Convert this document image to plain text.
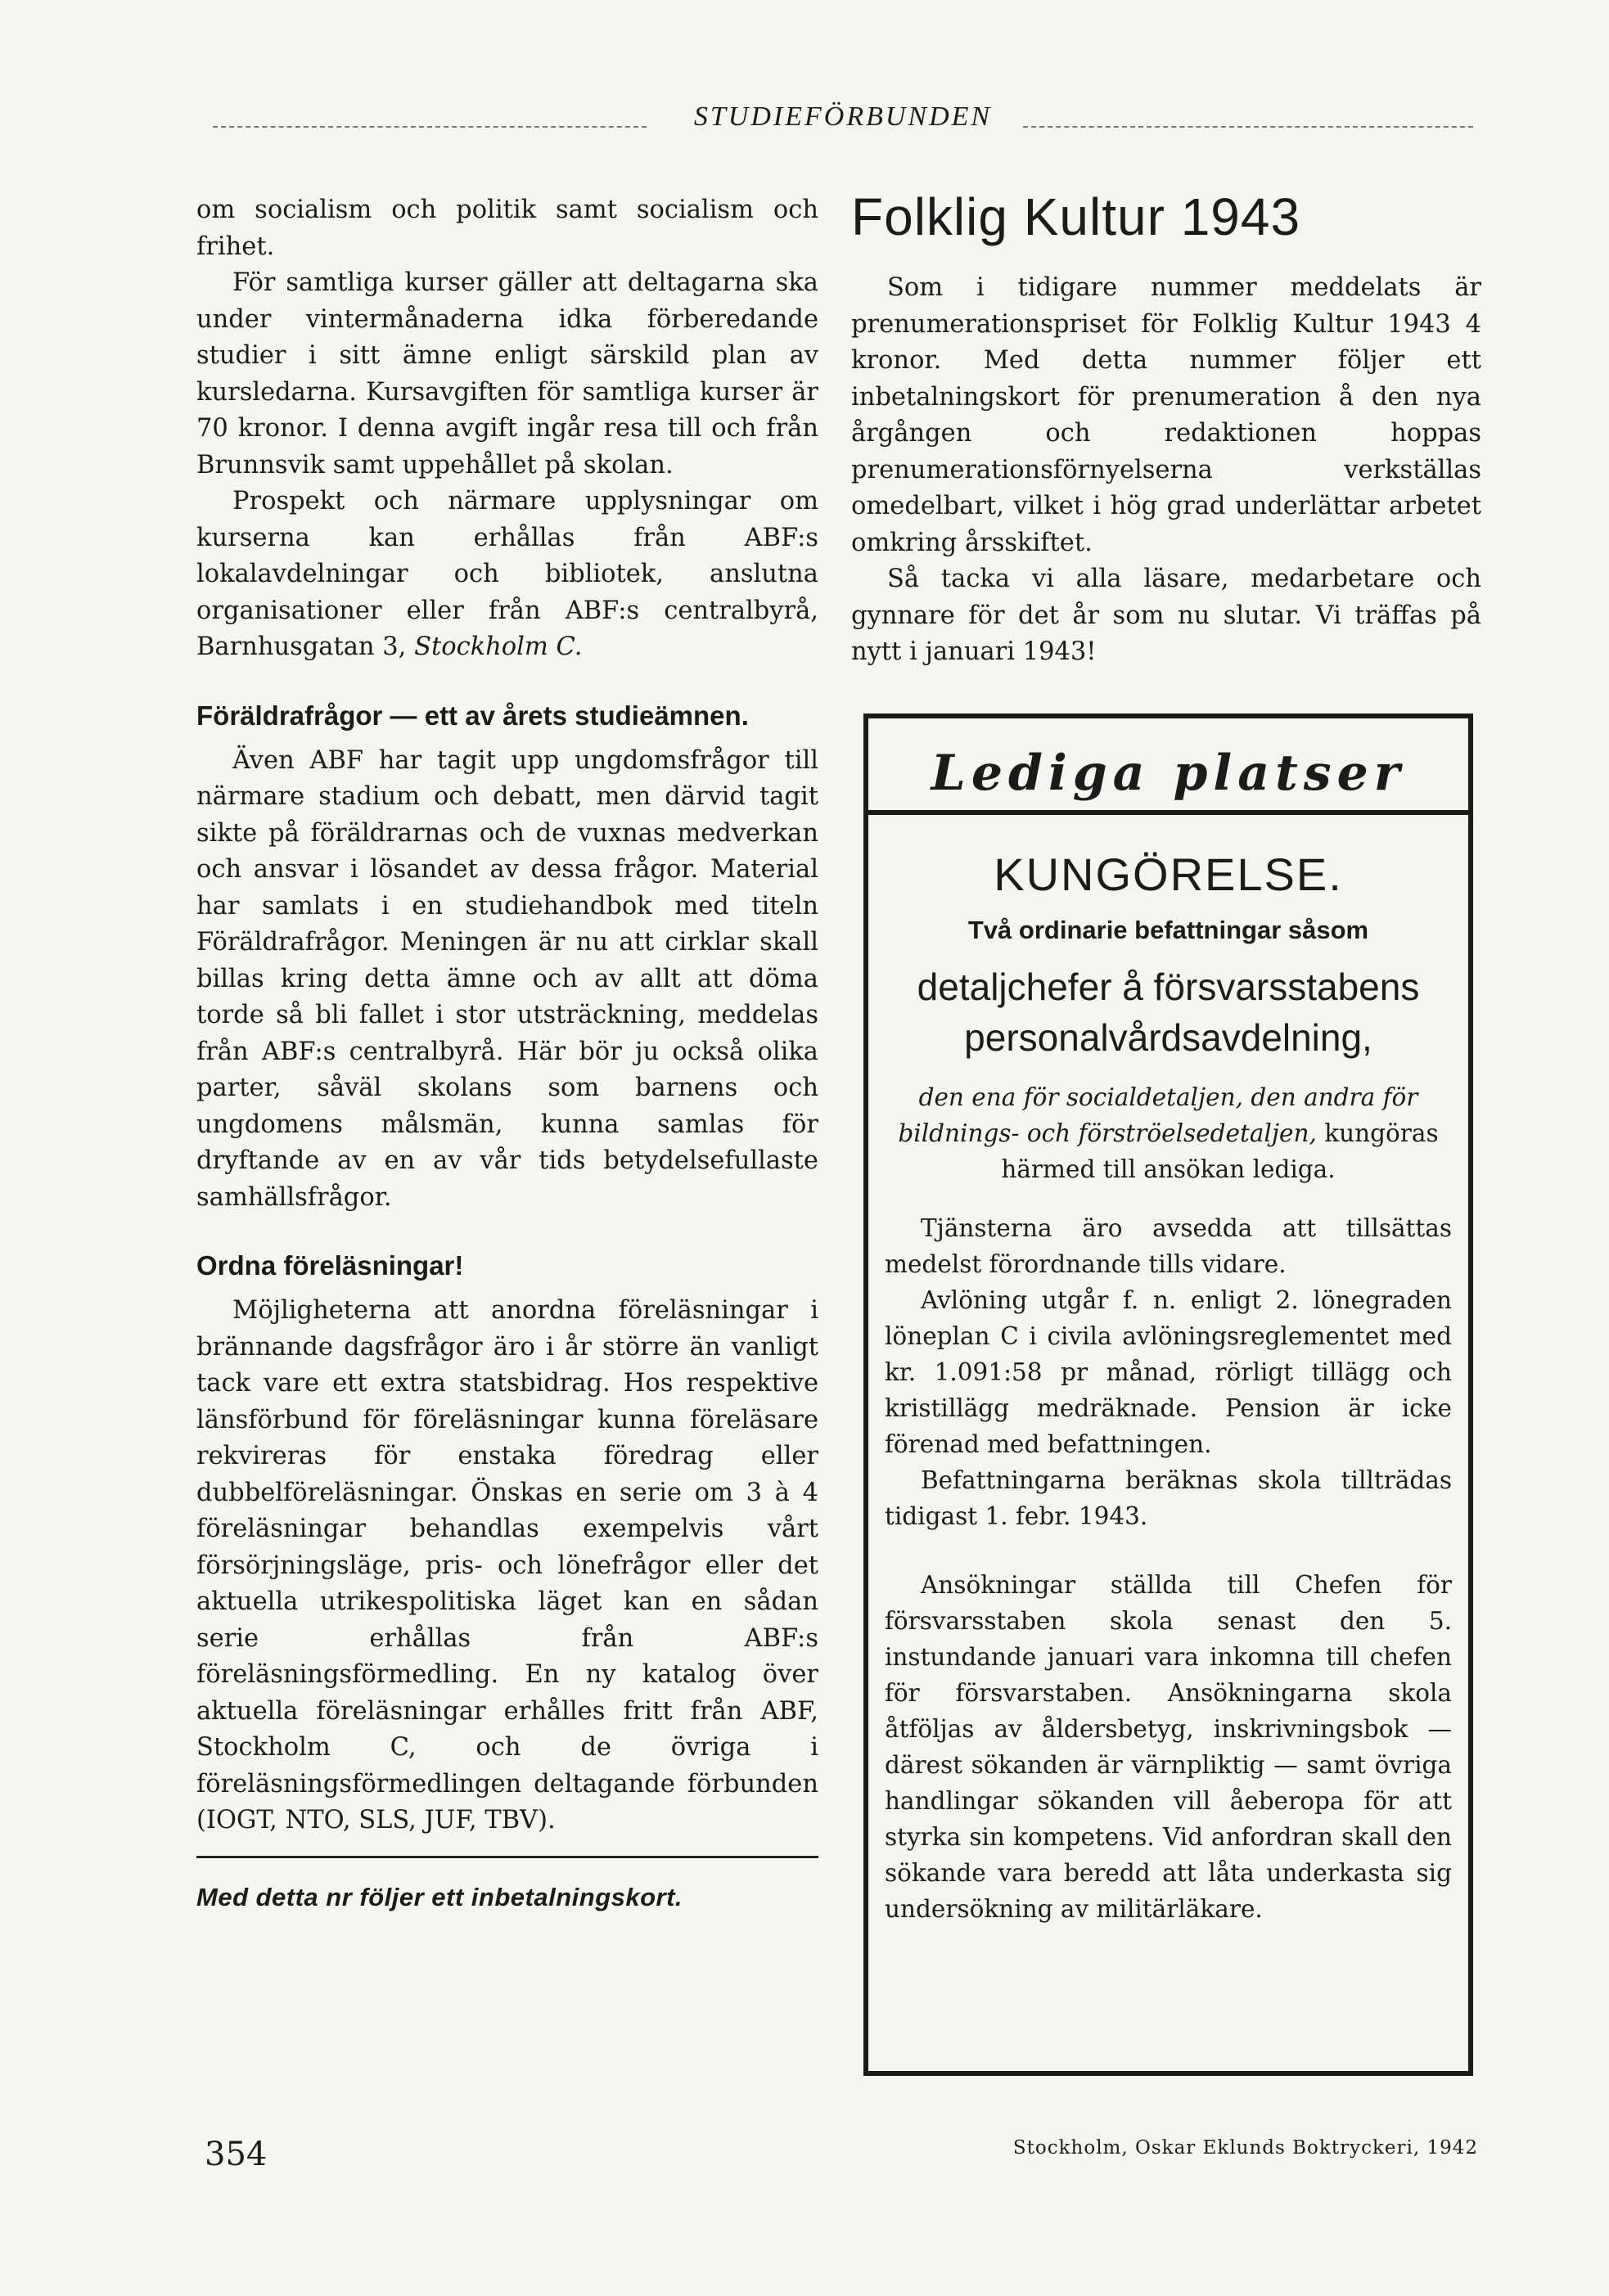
STUDIEFÖRBUNDEN

om socialism och politik samt socialism och frihet.

För samtliga kurser gäller att deltagarna ska under vintermånaderna idka förberedande studier i sitt ämne enligt särskild plan av kursledarna. Kursavgiften för samtliga kurser är 70 kronor. I denna avgift ingår resa till och från Brunnsvik samt uppehållet på skolan.

Prospekt och närmare upplysningar om kurserna kan erhållas från ABF:s lokalavdelningar och bibliotek, anslutna organisationer eller från ABF:s centralbyrå, Barnhusgatan 3, Stockholm C.

Föräldrafrågor — ett av årets studieämnen.

Även ABF har tagit upp ungdomsfrågor till närmare stadium och debatt, men därvid tagit sikte på föräldrarnas och de vuxnas medverkan och ansvar i lösandet av dessa frågor. Material har samlats i en studiehandbok med titeln Föräldrafrågor. Meningen är nu att cirklar skall billas kring detta ämne och av allt att döma torde så bli fallet i stor utsträckning, meddelas från ABF:s centralbyrå. Här bör ju också olika parter, såväl skolans som barnens och ungdomens målsmän, kunna samlas för dryftande av en av vår tids betydelsefullaste samhällsfrågor.

Ordna föreläsningar!

Möjligheterna att anordna föreläsningar i brännande dagsfrågor äro i år större än vanligt tack vare ett extra statsbidrag. Hos respektive länsförbund för föreläsningar kunna föreläsare rekvireras för enstaka föredrag eller dubbelföreläsningar. Önskas en serie om 3 à 4 föreläsningar behandlas exempelvis vårt försörjningsläge, pris- och lönefrågor eller det aktuella utrikespolitiska läget kan en sådan serie erhållas från ABF:s föreläsningsförmedling. En ny katalog över aktuella föreläsningar erhålles fritt från ABF, Stockholm C, och de övriga i föreläsningsförmedlingen deltagande förbunden (IOGT, NTO, SLS, JUF, TBV).

Med detta nr följer ett inbetalningskort.
Folklig Kultur 1943

Som i tidigare nummer meddelats är prenumerationspriset för Folklig Kultur 1943 4 kronor. Med detta nummer följer ett inbetalningskort för prenumeration å den nya årgången och redaktionen hoppas prenumerationsförnyelserna verkställas omedelbart, vilket i hög grad underlättar arbetet omkring årsskiftet.

Så tacka vi alla läsare, medarbetare och gynnare för det år som nu slutar. Vi träffas på nytt i januari 1943!

Lediga platser
KUNGÖRELSE.
Två ordinarie befattningar såsom
detaljchefer å försvarsstabens personalvårdsavdelning,

den ena för socialdetaljen, den andra för bildnings- och förströelsedetaljen, kungöras härmed till ansökan lediga.

Tjänsterna äro avsedda att tillsättas medelst förordnande tills vidare.

Avlöning utgår f. n. enligt 2. lönegraden löneplan C i civila avlöningsreglementet med kr. 1.091:58 pr månad, rörligt tillägg och kristillägg medräknade. Pension är icke förenad med befattningen.

Befattningarna beräknas skola tillträdas tidigast 1. febr. 1943.

Ansökningar ställda till Chefen för försvarsstaben skola senast den 5. instundande januari vara inkomna till chefen för försvarstaben. Ansökningarna skola åtföljas av åldersbetyg, inskrivningsbok — därest sökanden är värnpliktig — samt övriga handlingar sökanden vill åeberopa för att styrka sin kompetens. Vid anfordran skall den sökande vara beredd att låta underkasta sig undersökning av militärläkare.

354	Stockholm, Oskar Eklunds Boktryckeri, 1942
